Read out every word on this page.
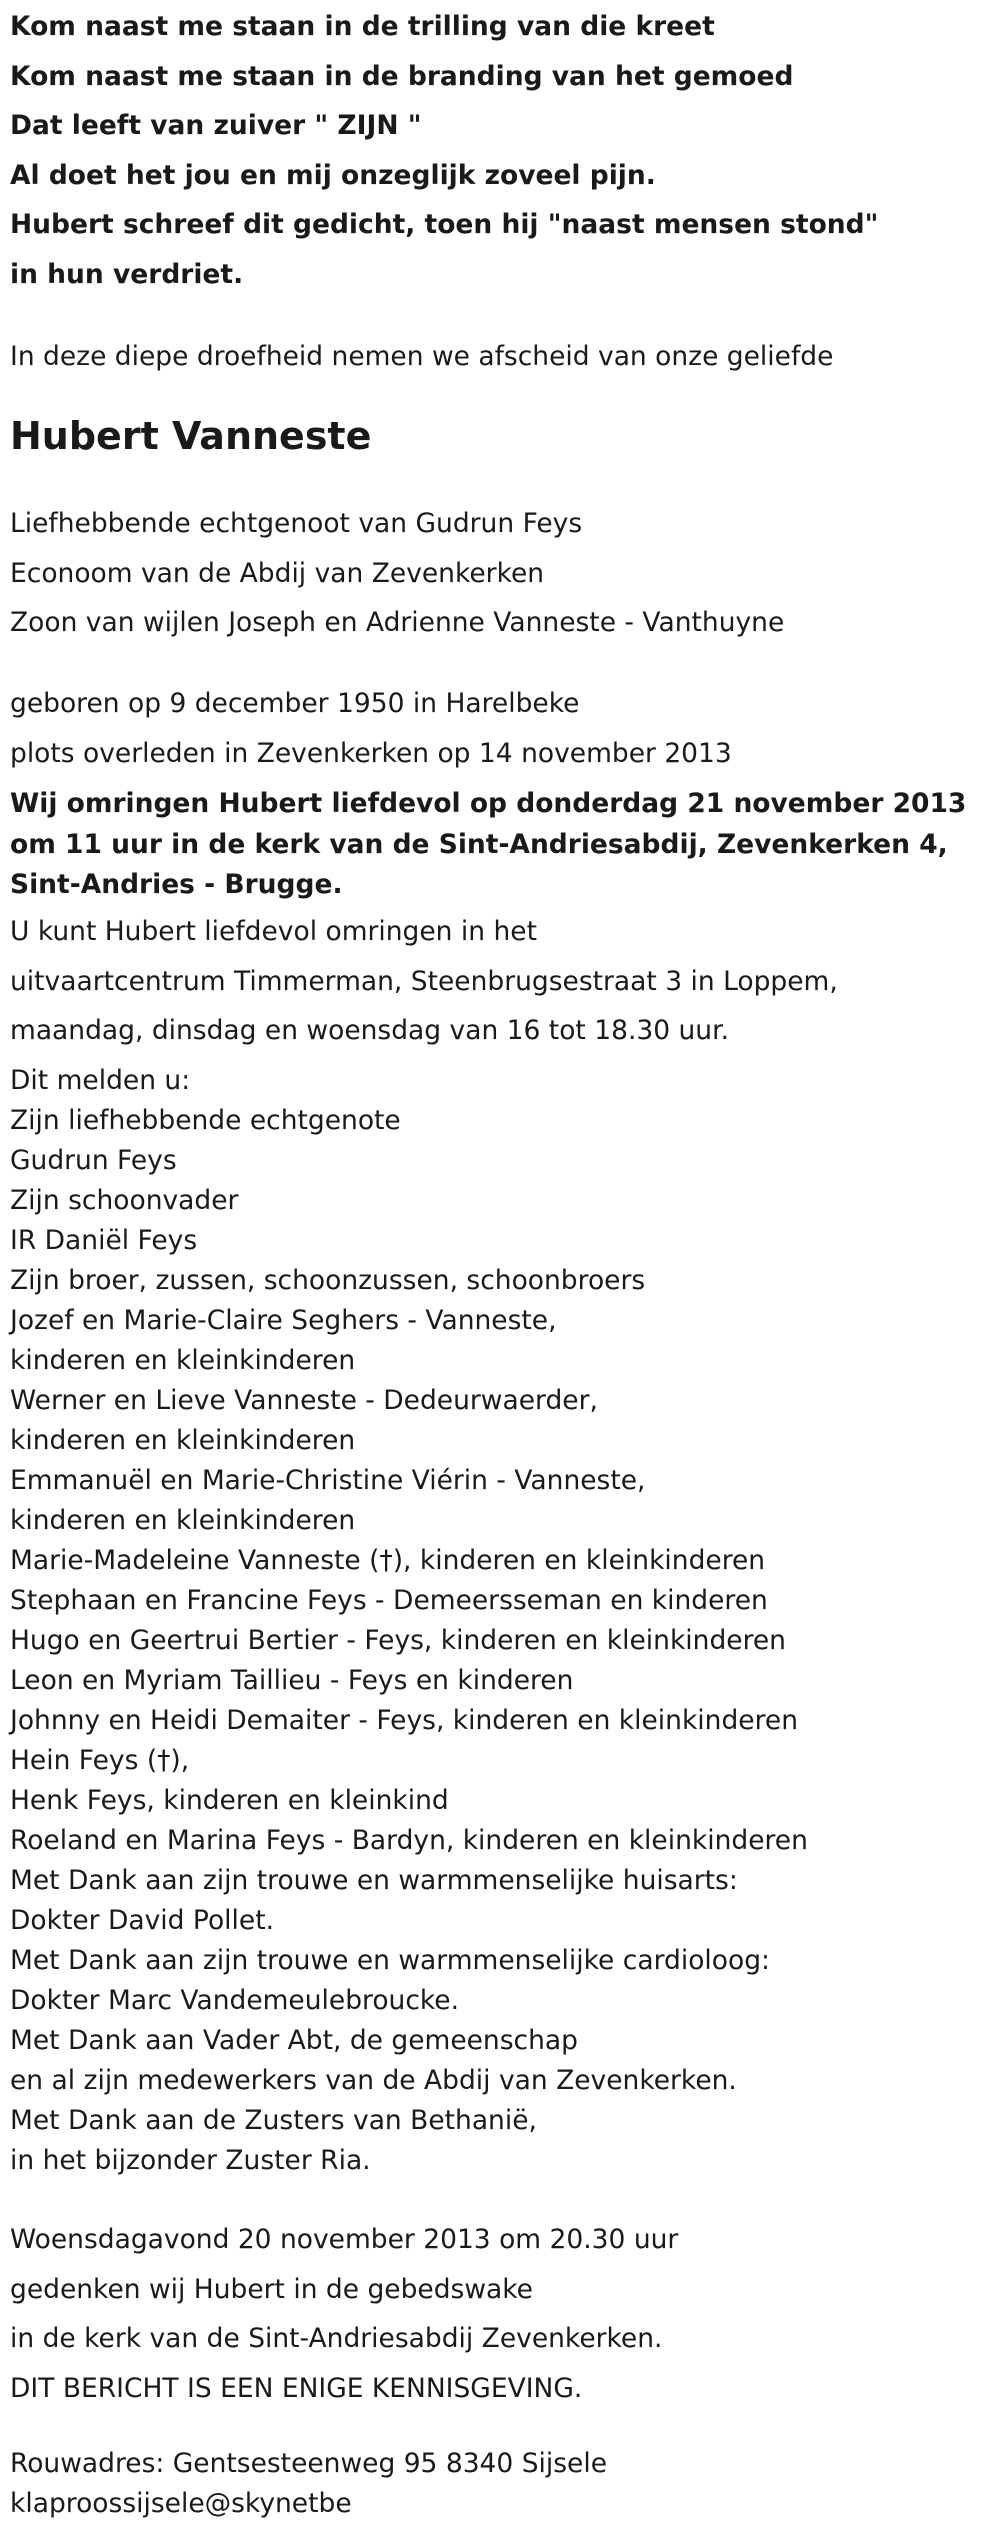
Kom naast me staan in de trilling van die kreet
Kom naast me staan in de branding van het gemoed
Dat leeft van zuiver " ZIJN "
Al doet het jou en mij onzeglijk zoveel pijn.
Hubert schreef dit gedicht, toen hij "naast mensen stond"
in hun verdriet.
In deze diepe droefheid nemen we afscheid van onze geliefde
Hubert Vanneste
Liefhebbende echtgenoot van Gudrun Feys
Econoom van de Abdij van Zevenkerken
Zoon van wijlen Joseph en Adrienne Vanneste - Vanthuyne
geboren op 9 december 1950 in Harelbeke
plots overleden in Zevenkerken op 14 november 2013
Wij omringen Hubert liefdevol op donderdag 21 november 2013 om 11 uur in de kerk van de Sint-Andriesabdij, Zevenkerken 4, Sint-Andries - Brugge.
U kunt Hubert liefdevol omringen in het
uitvaartcentrum Timmerman, Steenbrugsestraat 3 in Loppem,
maandag, dinsdag en woensdag van 16 tot 18.30 uur.
Dit melden u:
Zijn liefhebbende echtgenote
Gudrun Feys
Zijn schoonvader
IR Daniël Feys
Zijn broer, zussen, schoonzussen, schoonbroers
Jozef en Marie-Claire Seghers - Vanneste,
kinderen en kleinkinderen
Werner en Lieve Vanneste - Dedeurwaerder,
kinderen en kleinkinderen
Emmanuël en Marie-Christine Viérin - Vanneste,
kinderen en kleinkinderen
Marie-Madeleine Vanneste (†), kinderen en kleinkinderen
Stephaan en Francine Feys - Demeersseman en kinderen
Hugo en Geertrui Bertier - Feys, kinderen en kleinkinderen
Leon en Myriam Taillieu - Feys en kinderen
Johnny en Heidi Demaiter - Feys, kinderen en kleinkinderen
Hein Feys (†),
Henk Feys, kinderen en kleinkind
Roeland en Marina Feys - Bardyn, kinderen en kleinkinderen
Met Dank aan zijn trouwe en warmmenselijke huisarts:
Dokter David Pollet.
Met Dank aan zijn trouwe en warmmenselijke cardioloog:
Dokter Marc Vandemeulebroucke.
Met Dank aan Vader Abt, de gemeenschap
en al zijn medewerkers van de Abdij van Zevenkerken.
Met Dank aan de Zusters van Bethanië,
in het bijzonder Zuster Ria.
Woensdagavond 20 november 2013 om 20.30 uur
gedenken wij Hubert in de gebedswake
in de kerk van de Sint-Andriesabdij Zevenkerken.
DIT BERICHT IS EEN ENIGE KENNISGEVING.
Rouwadres: Gentsesteenweg 95 8340 Sijsele
klaproossijsele@skynetbe
